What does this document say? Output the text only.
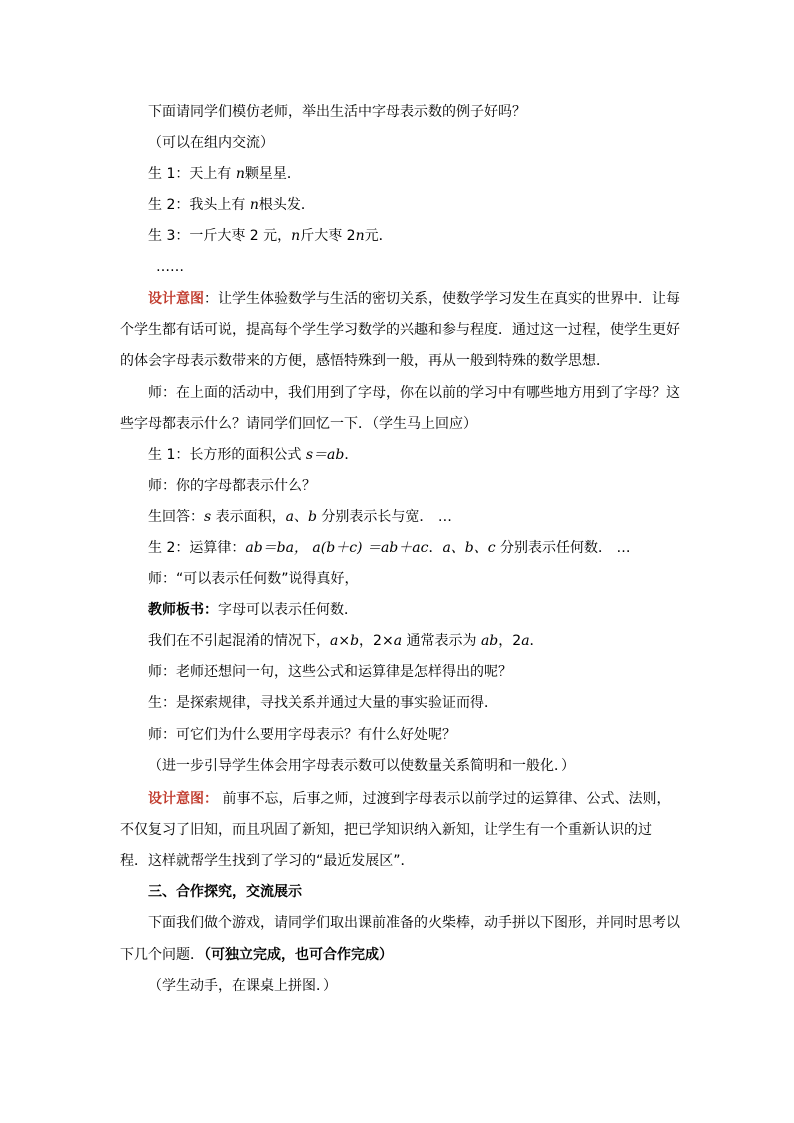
下面请同学们模仿老师，举出生活中字母表示数的例子好吗？
（可以在组内交流）
生 1：天上有 n颗星星．
生 2：我头上有 n根头发．
生 3：一斤大枣 2 元，n斤大枣 2n元．
……
设计意图：让学生体验数学与生活的密切关系，使数学学习发生在真实的世界中．让每
个学生都有话可说，提高每个学生学习数学的兴趣和参与程度．通过这一过程，使学生更好
的体会字母表示数带来的方便，感悟特殊到一般，再从一般到特殊的数学思想．
师：在上面的活动中，我们用到了字母，你在以前的学习中有哪些地方用到了字母？这
些字母都表示什么？请同学们回忆一下．（学生马上回应）
生 1：长方形的面积公式 s＝ab．
师：你的字母都表示什么？
生回答：s 表示面积，a、b 分别表示长与宽． …
生 2：运算律：ab＝ba， a(b＋c) ＝ab＋ac．a、b、c 分别表示任何数． …
师：“可以表示任何数”说得真好，
教师板书：字母可以表示任何数．
我们在不引起混淆的情况下，a×b，2×a 通常表示为 ab，2a．
师：老师还想问一句，这些公式和运算律是怎样得出的呢？
生：是探索规律，寻找关系并通过大量的事实验证而得．
师：可它们为什么要用字母表示？有什么好处呢？
（进一步引导学生体会用字母表示数可以使数量关系简明和一般化．）
设计意图： 前事不忘，后事之师，过渡到字母表示以前学过的运算律、公式、法则，
不仅复习了旧知，而且巩固了新知，把已学知识纳入新知，让学生有一个重新认识的过
程．这样就帮学生找到了学习的“最近发展区”．
三、合作探究，交流展示
下面我们做个游戏，请同学们取出课前准备的火柴棒，动手拼以下图形，并同时思考以
下几个问题．（可独立完成，也可合作完成）
（学生动手，在课桌上拼图．）
